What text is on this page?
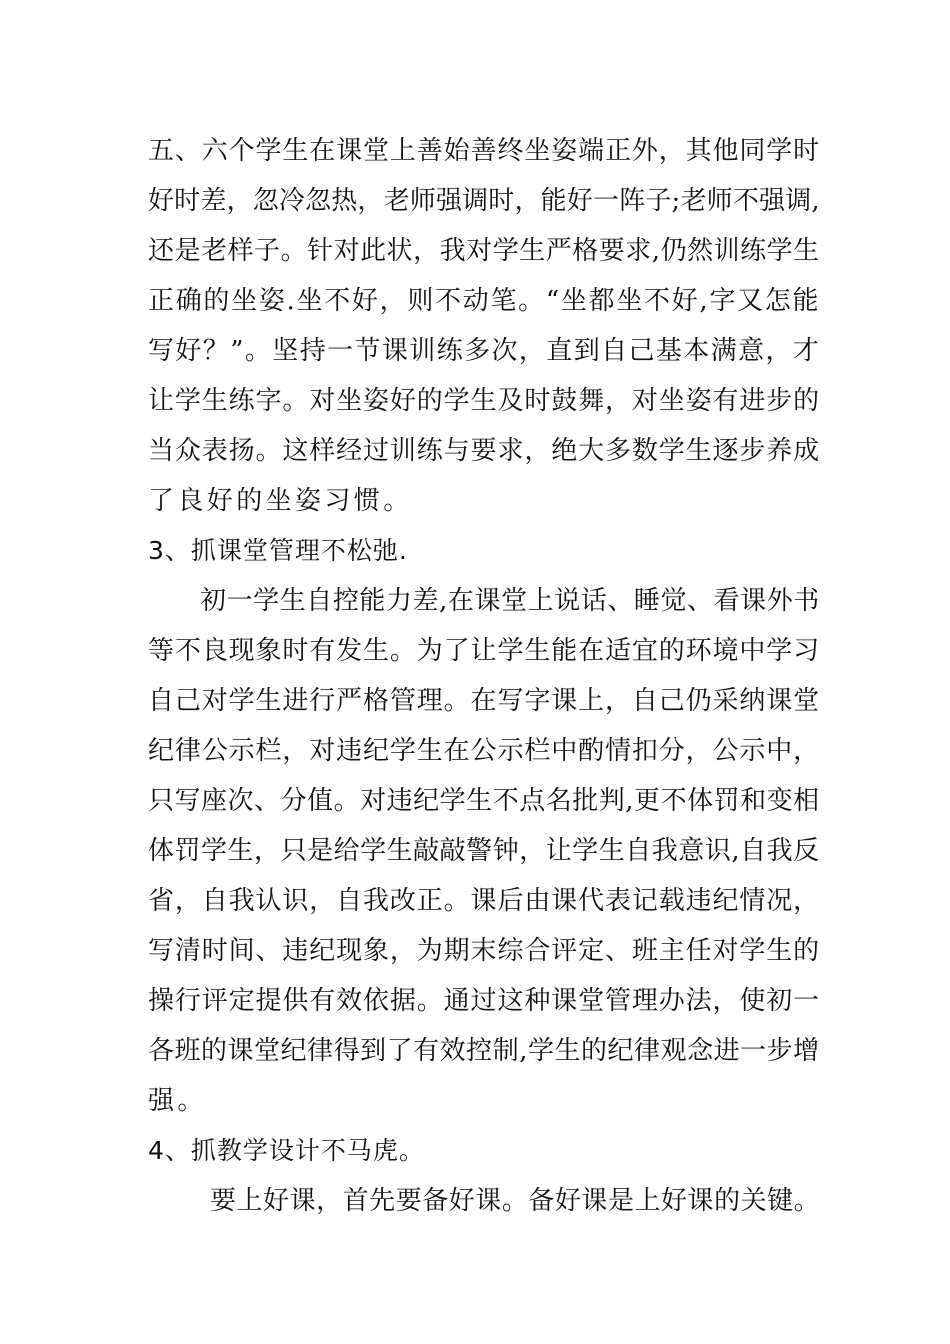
五、六个学生在课堂上善始善终坐姿端正外，其他同学时
好时差，忽冷忽热，老师强调时，能好一阵子;老师不强调,
还是老样子。针对此状，我对学生严格要求,仍然训练学生
正确的坐姿.坐不好，则不动笔。“坐都坐不好,字又怎能
写好？”。坚持一节课训练多次，直到自己基本满意，才
让学生练字。对坐姿好的学生及时鼓舞，对坐姿有进步的
当众表扬。这样经过训练与要求，绝大多数学生逐步养成
了良好的坐姿习惯。
3、抓课堂管理不松弛.
初一学生自控能力差,在课堂上说话、睡觉、看课外书
等不良现象时有发生。为了让学生能在适宜的环境中学习
自己对学生进行严格管理。在写字课上，自己仍采纳课堂
纪律公示栏，对违纪学生在公示栏中酌情扣分，公示中，
只写座次、分值。对违纪学生不点名批判,更不体罚和变相
体罚学生，只是给学生敲敲警钟，让学生自我意识,自我反
省，自我认识，自我改正。课后由课代表记载违纪情况，
写清时间、违纪现象，为期末综合评定、班主任对学生的
操行评定提供有效依据。通过这种课堂管理办法，使初一
各班的课堂纪律得到了有效控制,学生的纪律观念进一步增
强。
4、抓教学设计不马虎。
要上好课，首先要备好课。备好课是上好课的关键。
